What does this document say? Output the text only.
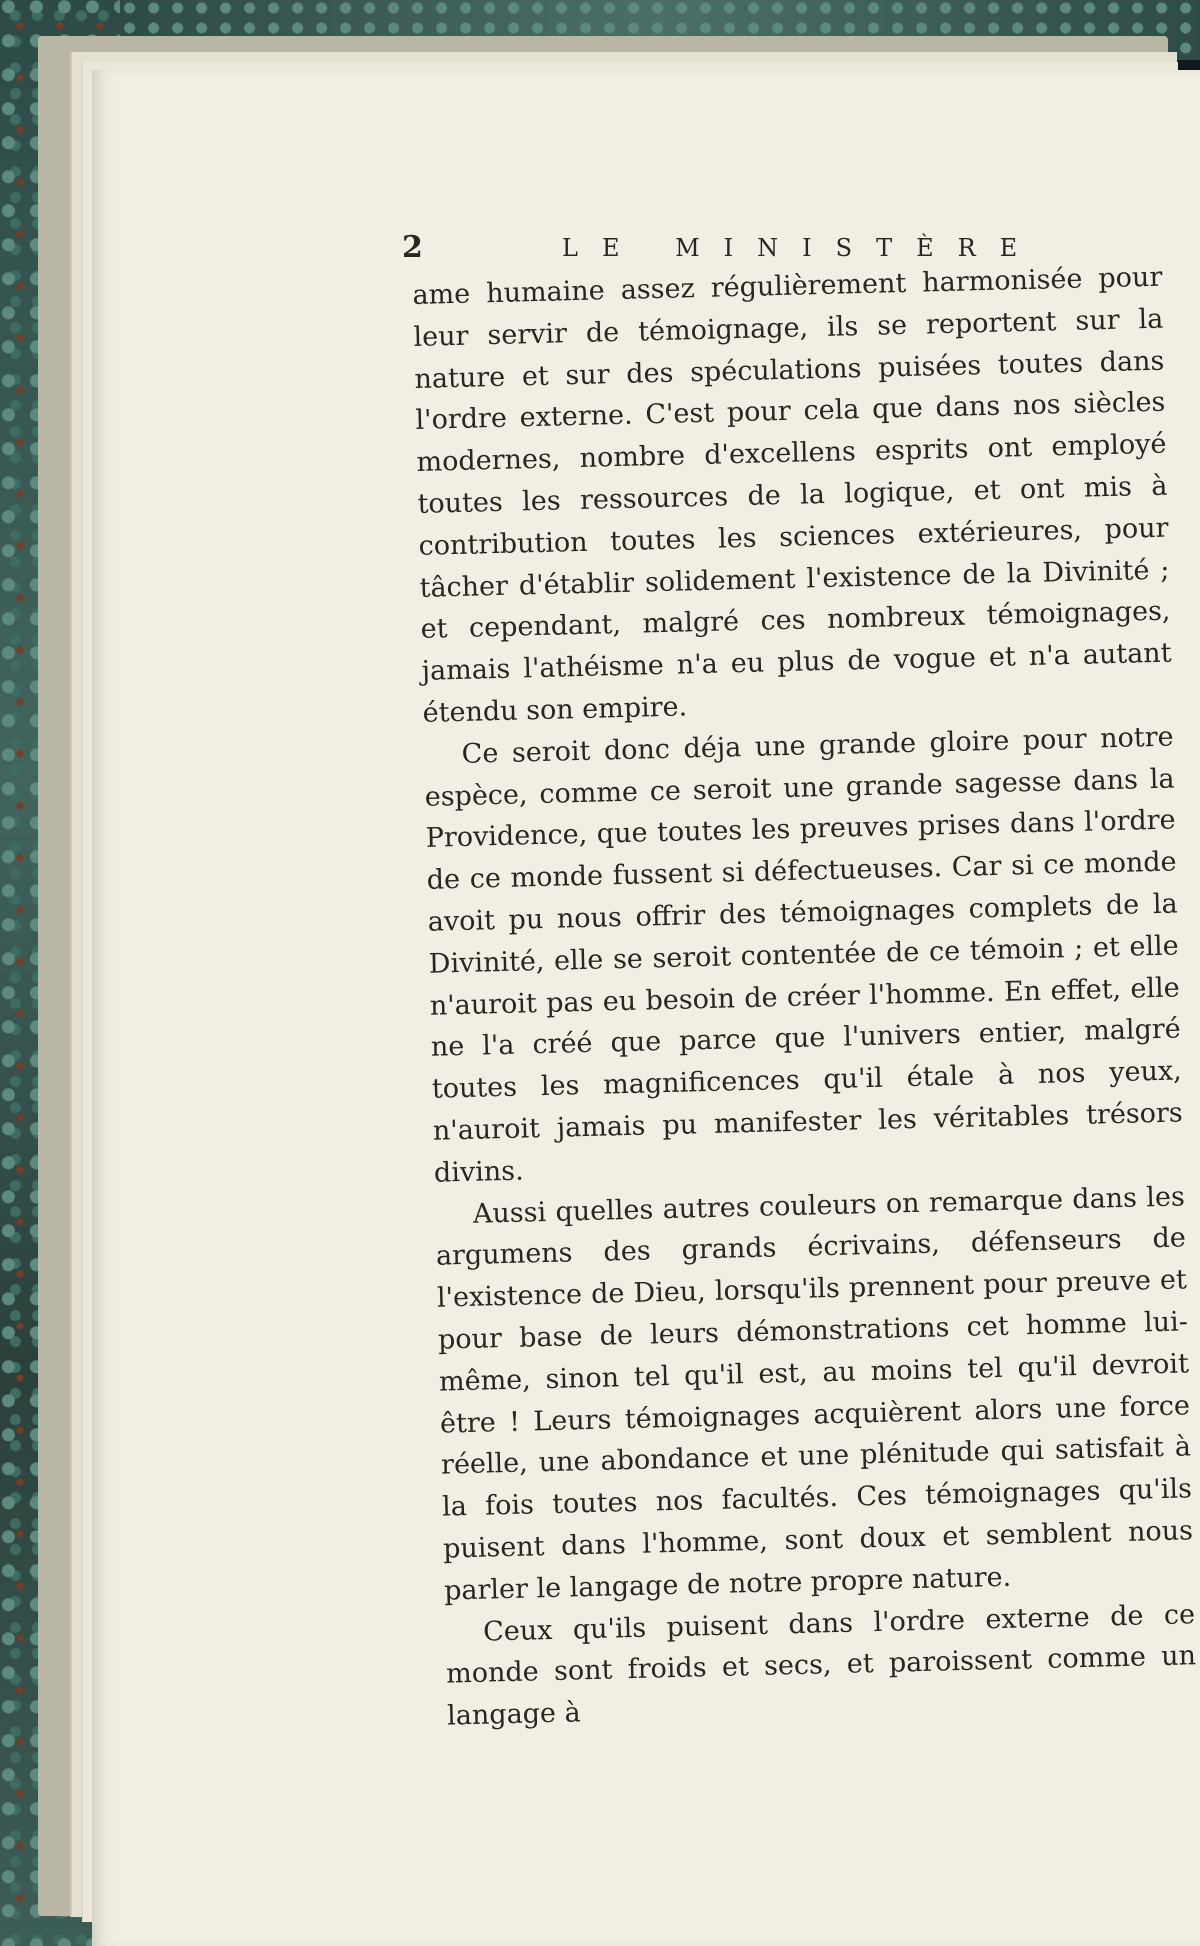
2	LE MINISTÈRE

ame humaine assez régulièrement harmonisée pour leur servir de témoignage, ils se reportent sur la nature et sur des spéculations puisées toutes dans l'ordre externe. C'est pour cela que dans nos siècles modernes, nombre d'excellens esprits ont employé toutes les ressources de la logique, et ont mis à contribution toutes les sciences extérieures, pour tâcher d'établir solidement l'existence de la Divinité ; et cependant, malgré ces nombreux témoignages, jamais l'athéisme n'a eu plus de vogue et n'a autant étendu son empire.

Ce seroit donc déja une grande gloire pour notre espèce, comme ce seroit une grande sagesse dans la Providence, que toutes les preuves prises dans l'ordre de ce monde fussent si défectueuses. Car si ce monde avoit pu nous offrir des témoignages complets de la Divinité, elle se seroit contentée de ce témoin ; et elle n'auroit pas eu besoin de créer l'homme. En effet, elle ne l'a créé que parce que l'univers entier, malgré toutes les magnificences qu'il étale à nos yeux, n'auroit jamais pu manifester les véritables trésors divins.

Aussi quelles autres couleurs on remarque dans les argumens des grands écrivains, défenseurs de l'existence de Dieu, lorsqu'ils prennent pour preuve et pour base de leurs démonstrations cet homme lui-même, sinon tel qu'il est, au moins tel qu'il devroit être ! Leurs témoignages acquièrent alors une force réelle, une abondance et une plénitude qui satisfait à la fois toutes nos facultés. Ces témoignages qu'ils puisent dans l'homme, sont doux et semblent nous parler le langage de notre propre nature.

Ceux qu'ils puisent dans l'ordre externe de ce monde sont froids et secs, et paroissent comme un langage à
